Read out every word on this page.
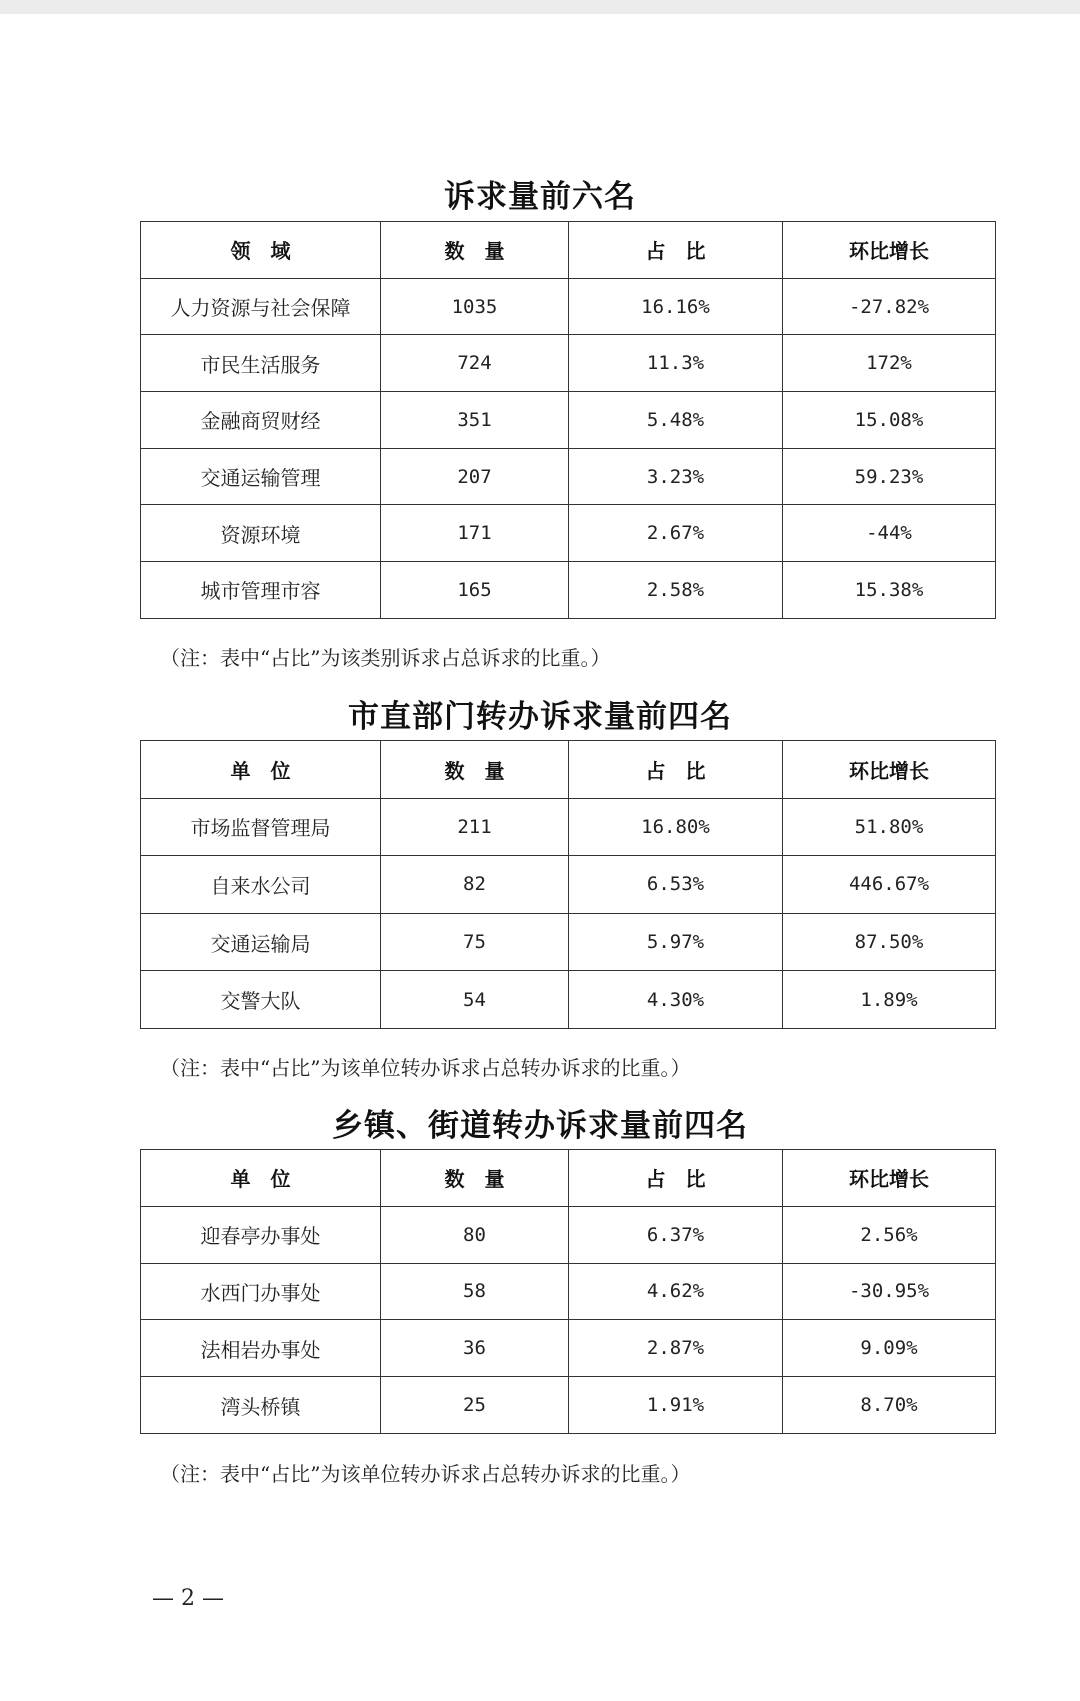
诉求量前六名
领　域	数　量	占　比	环比增长
人力资源与社会保障	1035	16.16%	-27.82%
市民生活服务	724	11.3%	172%
金融商贸财经	351	5.48%	15.08%
交通运输管理	207	3.23%	59.23%
资源环境	171	2.67%	-44%
城市管理市容	165	2.58%	15.38%
（注：表中“占比”为该类别诉求占总诉求的比重。）
市直部门转办诉求量前四名
单　位	数　量	占　比	环比增长
市场监督管理局	211	16.80%	51.80%
自来水公司	82	6.53%	446.67%
交通运输局	75	5.97%	87.50%
交警大队	54	4.30%	1.89%
（注：表中“占比”为该单位转办诉求占总转办诉求的比重。）
乡镇、街道转办诉求量前四名
单　位	数　量	占　比	环比增长
迎春亭办事处	80	6.37%	2.56%
水西门办事处	58	4.62%	-30.95%
法相岩办事处	36	2.87%	9.09%
湾头桥镇	25	1.91%	8.70%
（注：表中“占比”为该单位转办诉求占总转办诉求的比重。）
— 2 —
